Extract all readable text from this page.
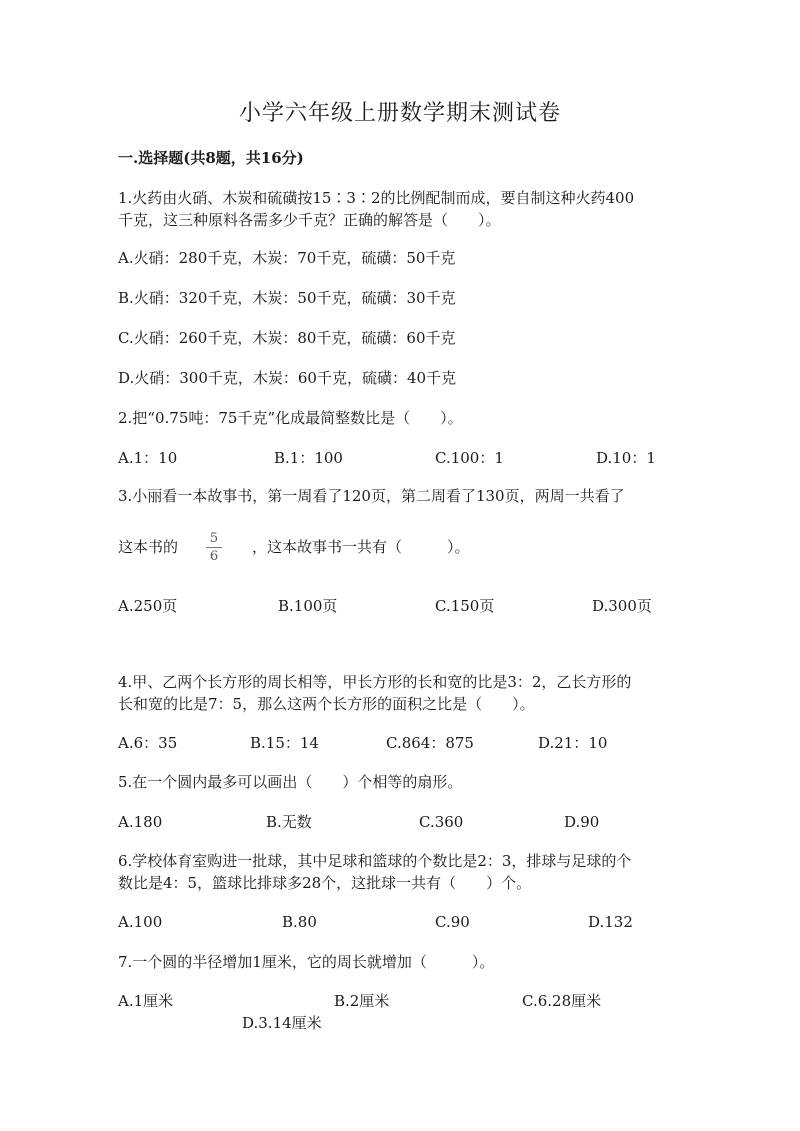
小学六年级上册数学期末测试卷
一.选择题(共8题，共16分)
1.火药由火硝、木炭和硫磺按15∶3∶2的比例配制而成，要自制这种火药400
千克，这三种原料各需多少千克？正确的解答是（　　）。
A.火硝：280千克，木炭：70千克，硫磺：50千克
B.火硝：320千克，木炭：50千克，硫磺：30千克
C.火硝：260千克，木炭：80千克，硫磺：60千克
D.火硝：300千克，木炭：60千克，硫磺：40千克
2.把“0.75吨：75千克”化成最简整数比是（　　）。
A.1：10	B.1：100	C.100：1	D.10：1
3.小丽看一本故事书，第一周看了120页，第二周看了130页，两周一共看了
这本书的 $\frac{5}{6}$ ，这本故事书一共有（　　　）。
A.250页	B.100页	C.150页	D.300页
4.甲、乙两个长方形的周长相等，甲长方形的长和宽的比是3：2，乙长方形的
长和宽的比是7：5，那么这两个长方形的面积之比是（　　）。
A.6：35	B.15：14	C.864：875	D.21：10
5.在一个圆内最多可以画出（　　）个相等的扇形。
A.180	B.无数	C.360	D.90
6.学校体育室购进一批球，其中足球和篮球的个数比是2：3，排球与足球的个
数比是4：5，篮球比排球多28个，这批球一共有（　　）个。
A.100	B.80	C.90	D.132
7.一个圆的半径增加1厘米，它的周长就增加（　　　）。
A.1厘米	B.2厘米	C.6.28厘米
D.3.14厘米
